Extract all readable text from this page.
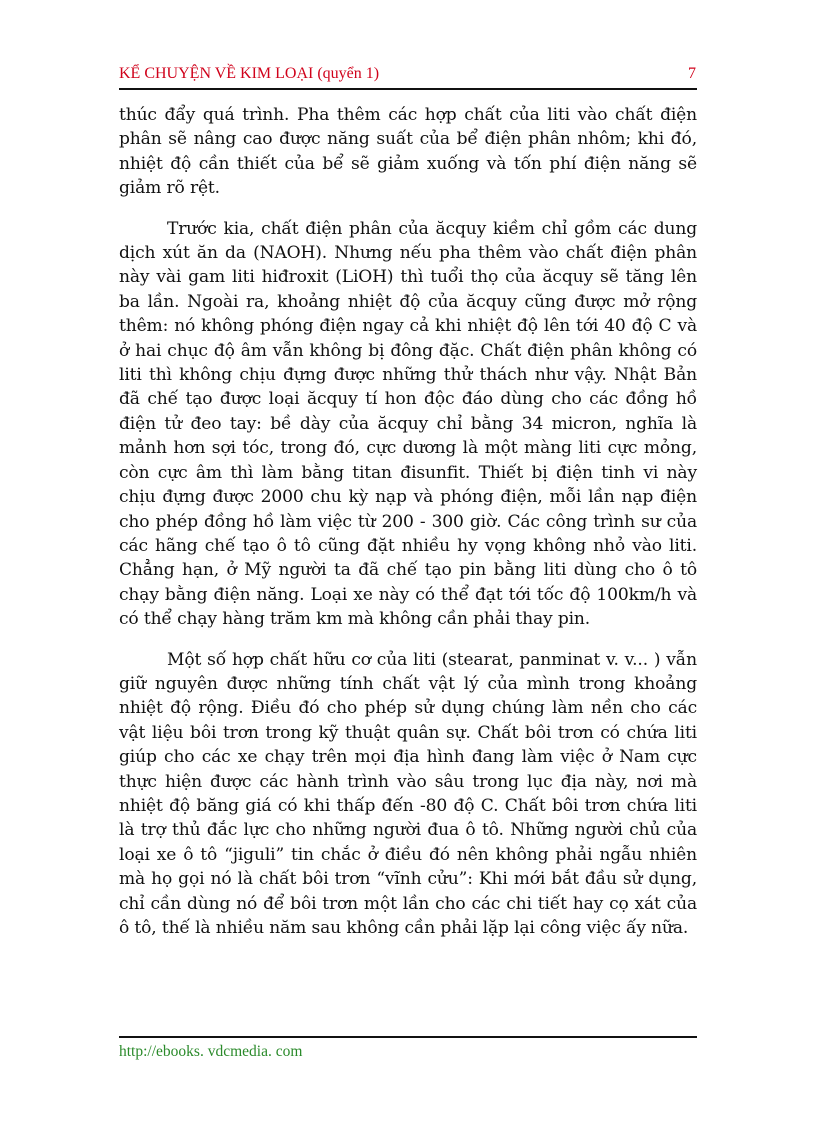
KỂ CHUYỆN VỀ KIM LOẠI (quyển 1)	7

thúc đẩy quá trình. Pha thêm các hợp chất của liti vào chất điện phân sẽ nâng cao được năng suất của bể điện phân nhôm; khi đó, nhiệt độ cần thiết của bể sẽ giảm xuống và tốn phí điện năng sẽ giảm rõ rệt.

Trước kia, chất điện phân của ăcquy kiềm chỉ gồm các dung dịch xút ăn da (NAOH). Nhưng nếu pha thêm vào chất điện phân này vài gam liti hiđroxit (LiOH) thì tuổi thọ của ăcquy sẽ tăng lên ba lần. Ngoài ra, khoảng nhiệt độ của ăcquy cũng được mở rộng thêm: nó không phóng điện ngay cả khi nhiệt độ lên tới 40 độ C và ở hai chục độ âm vẫn không bị đông đặc. Chất điện phân không có liti thì không chịu đựng được những thử thách như vậy. Nhật Bản đã chế tạo được loại ăcquy tí hon độc đáo dùng cho các đồng hồ điện tử đeo tay: bề dày của ăcquy chỉ bằng 34 micron, nghĩa là mảnh hơn sợi tóc, trong đó, cực dương là một màng liti cực mỏng, còn cực âm thì làm bằng titan đisunfit. Thiết bị điện tinh vi này chịu đựng được 2000 chu kỳ nạp và phóng điện, mỗi lần nạp điện cho phép đồng hồ làm việc từ 200 - 300 giờ. Các công trình sư của các hãng chế tạo ô tô cũng đặt nhiều hy vọng không nhỏ vào liti. Chẳng hạn, ở Mỹ người ta đã chế tạo pin bằng liti dùng cho ô tô chạy bằng điện năng. Loại xe này có thể đạt tới tốc độ 100km/h và có thể chạy hàng trăm km mà không cần phải thay pin.

Một số hợp chất hữu cơ của liti (stearat, panminat v. v... ) vẫn giữ nguyên được những tính chất vật lý của mình trong khoảng nhiệt độ rộng. Điều đó cho phép sử dụng chúng làm nền cho các vật liệu bôi trơn trong kỹ thuật quân sự. Chất bôi trơn có chứa liti giúp cho các xe chạy trên mọi địa hình đang làm việc ở Nam cực thực hiện được các hành trình vào sâu trong lục địa này, nơi mà nhiệt độ băng giá có khi thấp đến -80 độ C. Chất bôi trơn chứa liti là trợ thủ đắc lực cho những người đua ô tô. Những người chủ của loại xe ô tô “jiguli” tin chắc ở điều đó nên không phải ngẫu nhiên mà họ gọi nó là chất bôi trơn “vĩnh cửu”: Khi mới bắt đầu sử dụng, chỉ cần dùng nó để bôi trơn một lần cho các chi tiết hay cọ xát của ô tô, thế là nhiều năm sau không cần phải lặp lại công việc ấy nữa.

http://ebooks. vdcmedia. com
